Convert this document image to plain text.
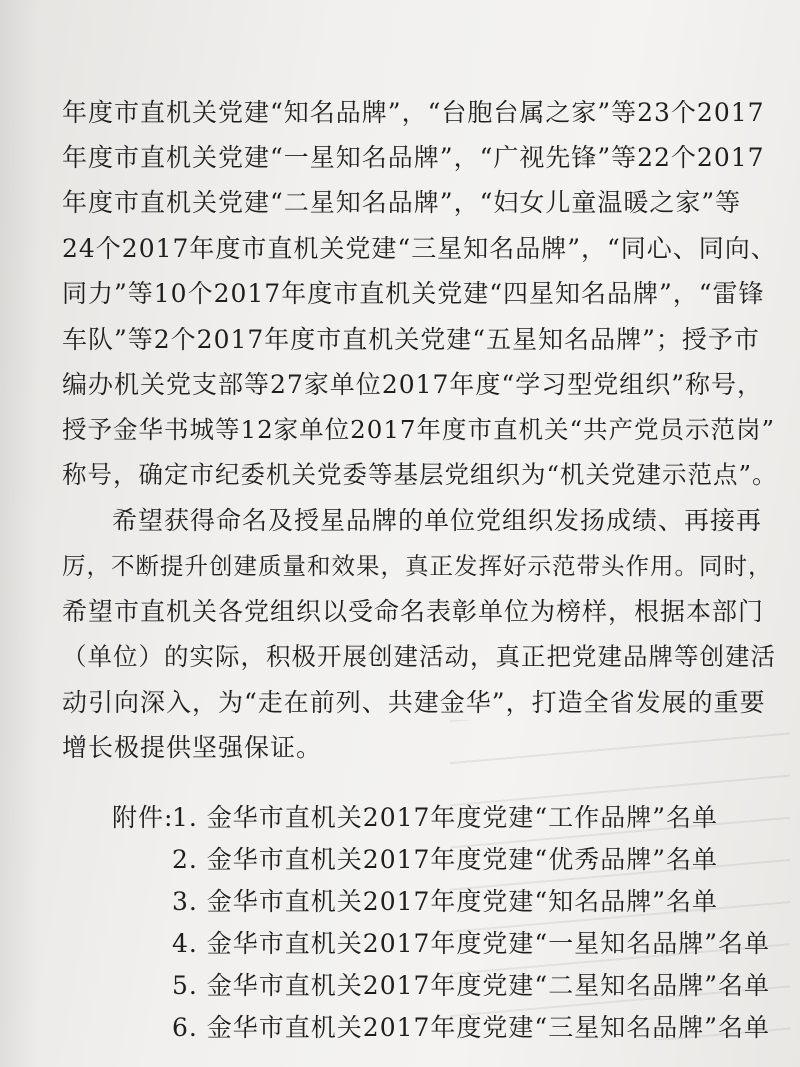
年度市直机关党建“知名品牌”，“台胞台属之家”等23个2017
年度市直机关党建“一星知名品牌”，“广视先锋”等22个2017
年度市直机关党建“二星知名品牌”，“妇女儿童温暖之家”等
24个2017年度市直机关党建“三星知名品牌”，“同心、同向、
同力”等10个2017年度市直机关党建“四星知名品牌”，“雷锋
车队”等2个2017年度市直机关党建“五星知名品牌”；授予市
编办机关党支部等27家单位2017年度“学习型党组织”称号，
授予金华书城等12家单位2017年度市直机关“共产党员示范岗”
称号，确定市纪委机关党委等基层党组织为“机关党建示范点”。
希望获得命名及授星品牌的单位党组织发扬成绩、再接再
厉，不断提升创建质量和效果，真正发挥好示范带头作用。同时，
希望市直机关各党组织以受命名表彰单位为榜样，根据本部门
（单位）的实际，积极开展创建活动，真正把党建品牌等创建活
动引向深入，为“走在前列、共建金华”，打造全省发展的重要
增长极提供坚强保证。
附件:
1. 金华市直机关2017年度党建“工作品牌”名单
2. 金华市直机关2017年度党建“优秀品牌”名单
3. 金华市直机关2017年度党建“知名品牌”名单
4. 金华市直机关2017年度党建“一星知名品牌”名单
5. 金华市直机关2017年度党建“二星知名品牌”名单
6. 金华市直机关2017年度党建“三星知名品牌”名单
